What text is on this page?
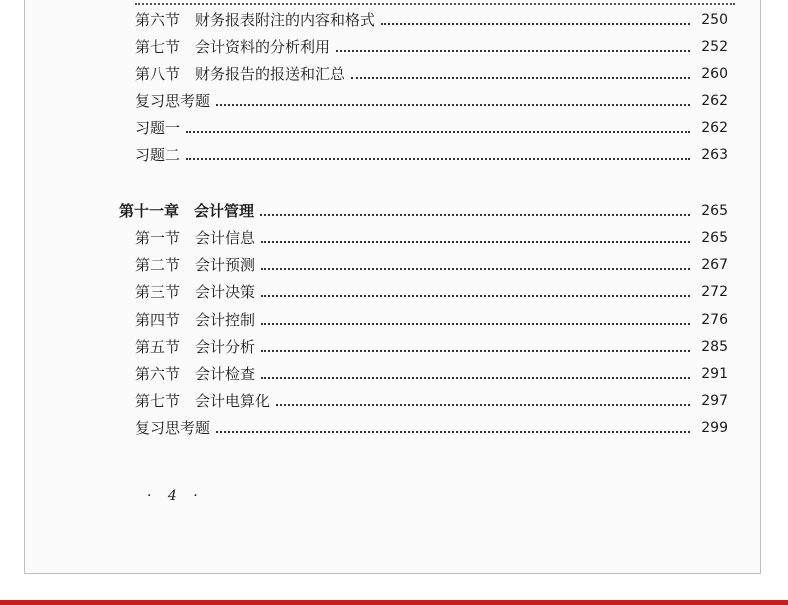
第六节　财务报表附注的内容和格式	250
第七节　会计资料的分析利用	252
第八节　财务报告的报送和汇总	260
复习思考题	262
习题一	262
习题二	263
第十一章　会计管理	265
第一节　会计信息	265
第二节　会计预测	267
第三节　会计决策	272
第四节　会计控制	276
第五节　会计分析	285
第六节　会计检查	291
第七节　会计电算化	297
复习思考题	299
· 4 ·
